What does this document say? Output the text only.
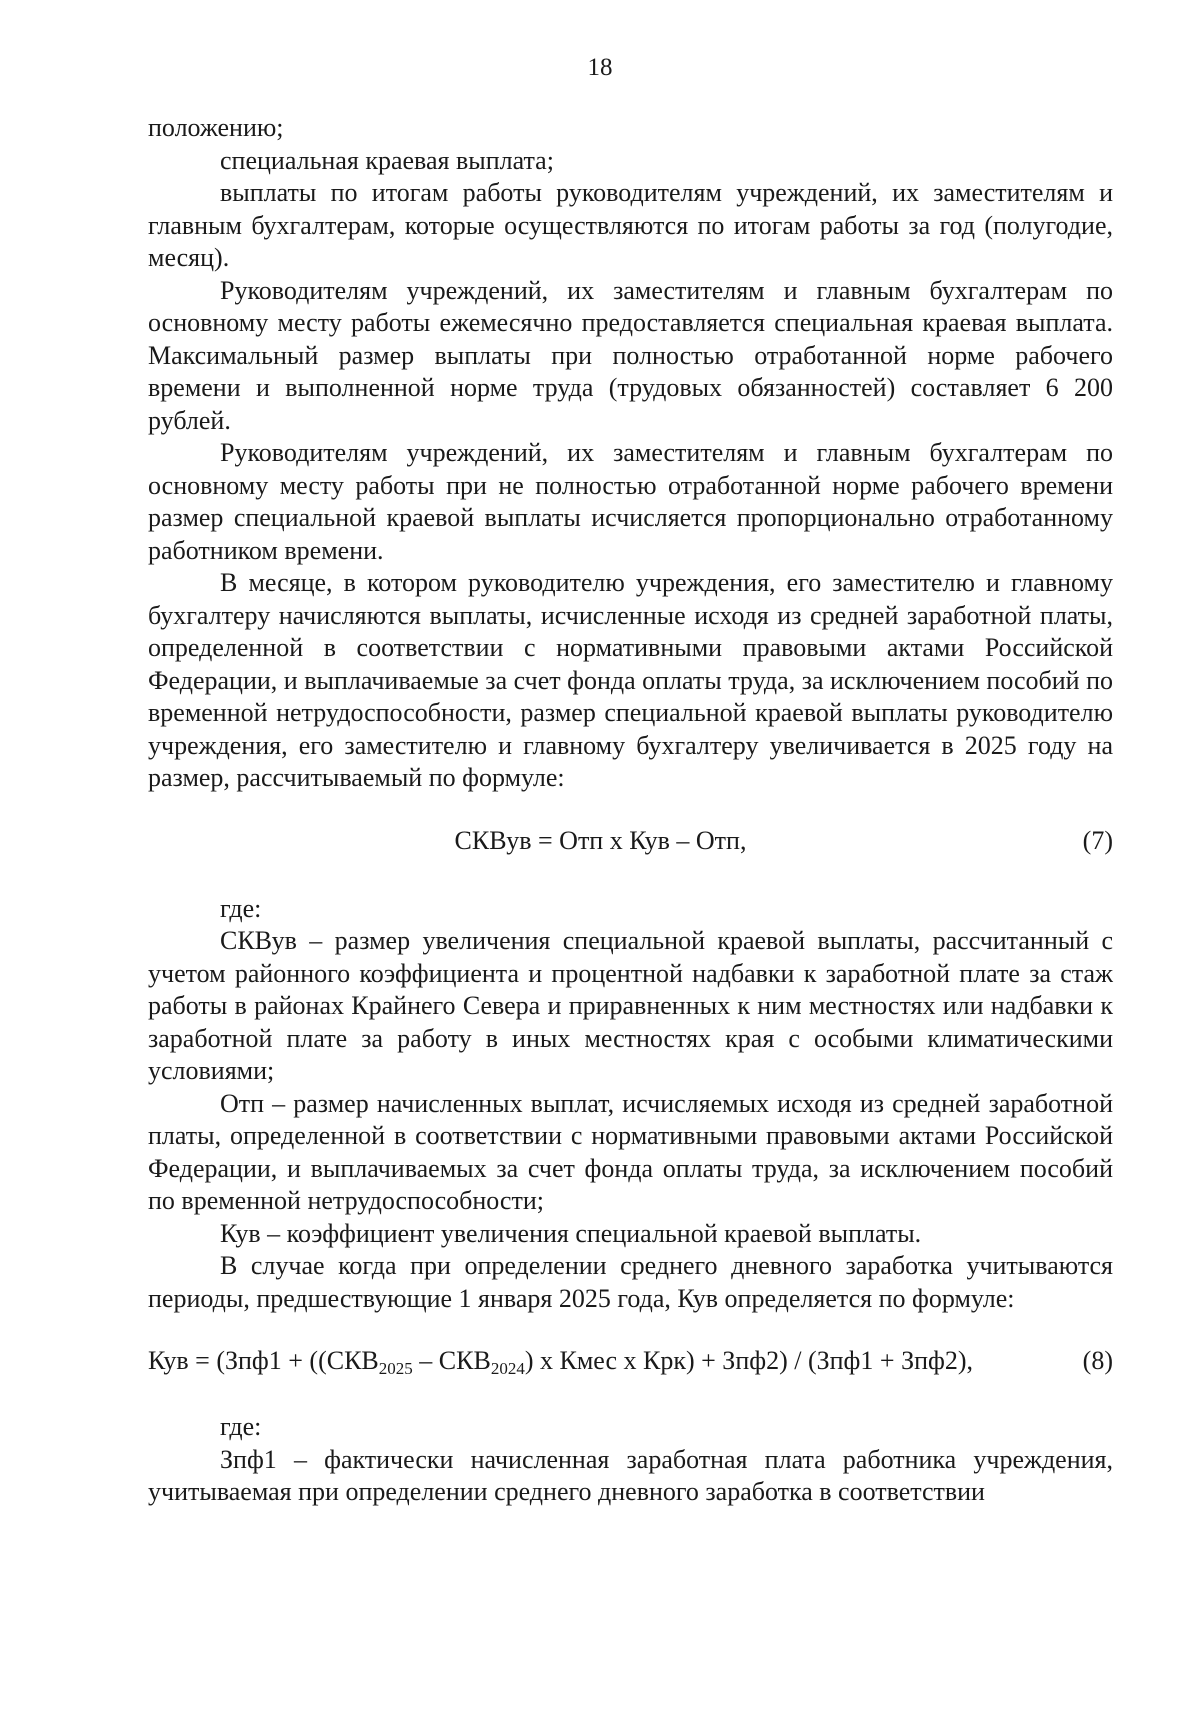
18

положению;

специальная краевая выплата;

выплаты по итогам работы руководителям учреждений, их заместителям и главным бухгалтерам, которые осуществляются по итогам работы за год (полугодие, месяц).

Руководителям учреждений, их заместителям и главным бухгалтерам по основному месту работы ежемесячно предоставляется специальная краевая выплата. Максимальный размер выплаты при полностью отработанной норме рабочего времени и выполненной норме труда (трудовых обязанностей) составляет 6 200 рублей.

Руководителям учреждений, их заместителям и главным бухгалтерам по основному месту работы при не полностью отработанной норме рабочего времени размер специальной краевой выплаты исчисляется пропорционально отработанному работником времени.

В месяце, в котором руководителю учреждения, его заместителю и главному бухгалтеру начисляются выплаты, исчисленные исходя из средней заработной платы, определенной в соответствии с нормативными правовыми актами Российской Федерации, и выплачиваемые за счет фонда оплаты труда, за исключением пособий по временной нетрудоспособности, размер специальной краевой выплаты руководителю учреждения, его заместителю и главному бухгалтеру увеличивается в 2025 году на размер, рассчитываемый по формуле:

СКВув = Отп х Кув – Отп,	(7)

где:

СКВув – размер увеличения специальной краевой выплаты, рассчитанный с учетом районного коэффициента и процентной надбавки к заработной плате за стаж работы в районах Крайнего Севера и приравненных к ним местностях или надбавки к заработной плате за работу в иных местностях края с особыми климатическими условиями;

Отп – размер начисленных выплат, исчисляемых исходя из средней заработной платы, определенной в соответствии с нормативными правовыми актами Российской Федерации, и выплачиваемых за счет фонда оплаты труда, за исключением пособий по временной нетрудоспособности;

Кув – коэффициент увеличения специальной краевой выплаты.

В случае когда при определении среднего дневного заработка учитываются периоды, предшествующие 1 января 2025 года, Кув определяется по формуле:

Кув = ($Зпф1 + ((СКВ_{2025} - СКВ_{2024})$ х Кмес х Крк) + Зпф2) / (Зпф1 + Зпф2),	(8)

где:

Зпф1 – фактически начисленная заработная плата работника учреждения, учитываемая при определении среднего дневного заработка в соответствии
